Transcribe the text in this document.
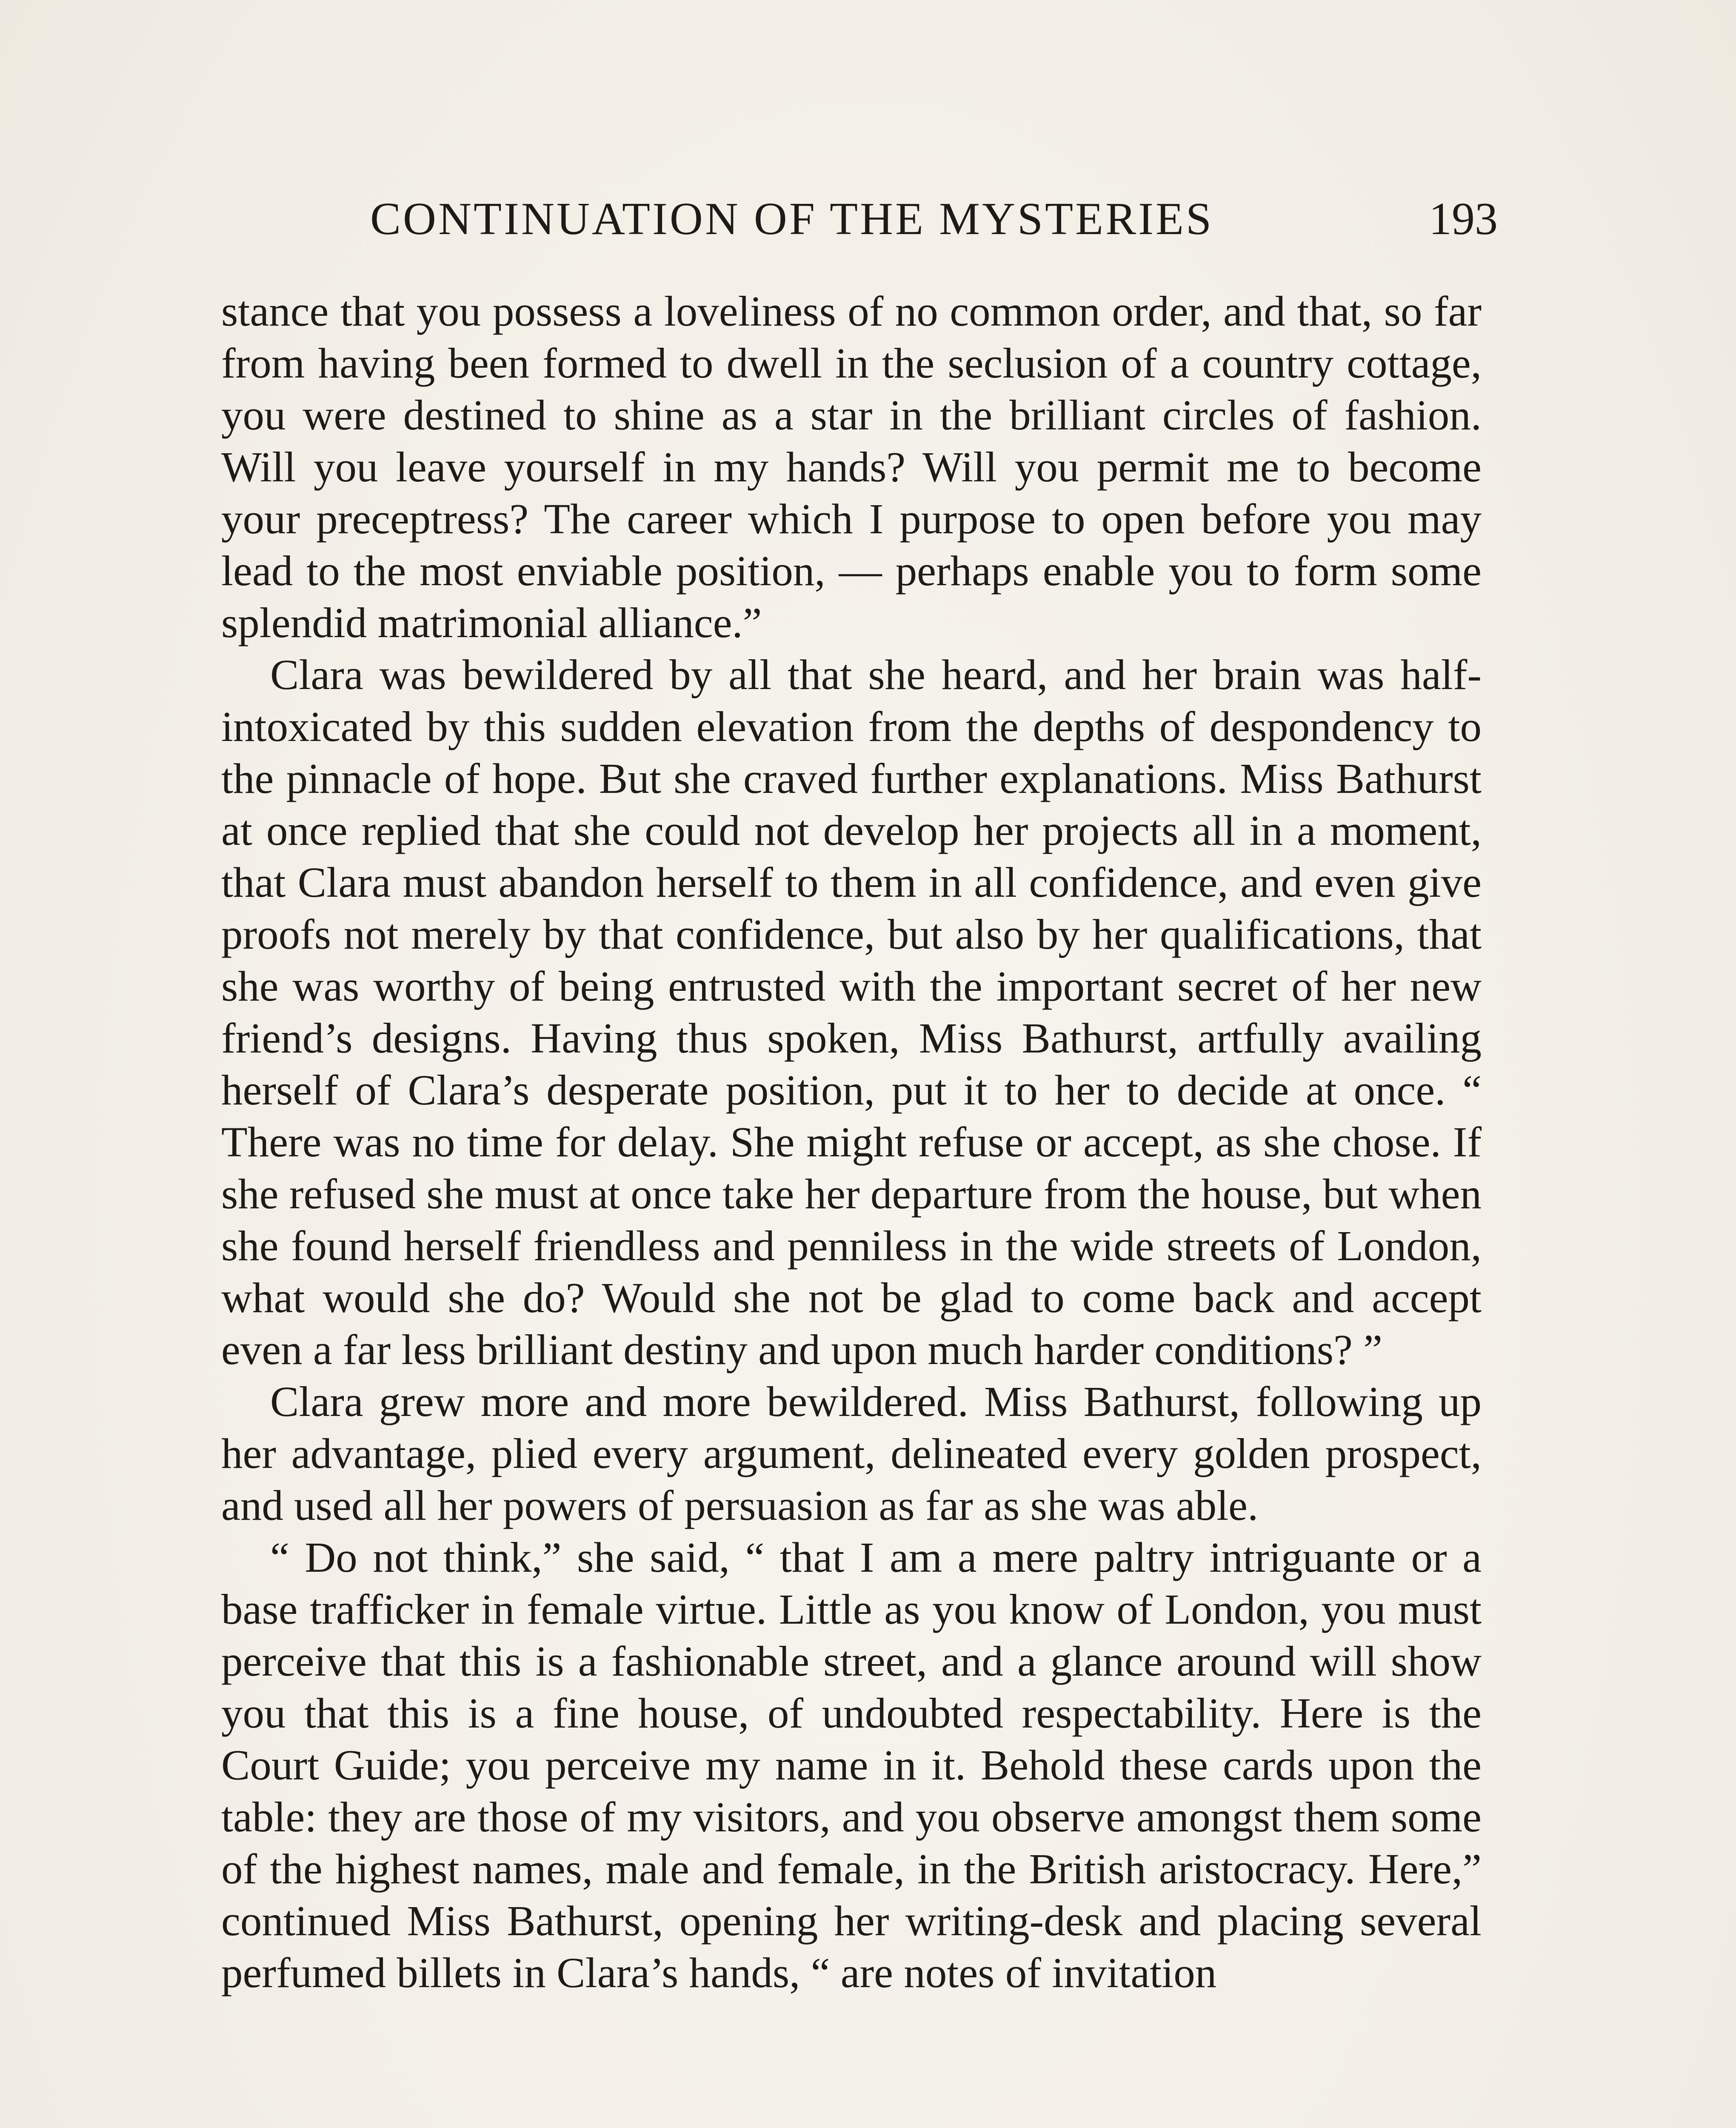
CONTINUATION OF THE MYSTERIES	193

stance that you possess a loveliness of no common order, and that, so far from having been formed to dwell in the seclusion of a country cottage, you were destined to shine as a star in the brilliant circles of fashion. Will you leave yourself in my hands? Will you permit me to become your preceptress? The career which I purpose to open before you may lead to the most enviable position, — perhaps enable you to form some splendid matrimonial alliance.”

Clara was bewildered by all that she heard, and her brain was half-intoxicated by this sudden elevation from the depths of despondency to the pinnacle of hope. But she craved further explanations. Miss Bathurst at once replied that she could not develop her projects all in a moment, that Clara must abandon herself to them in all confidence, and even give proofs not merely by that confidence, but also by her qualifications, that she was worthy of being entrusted with the important secret of her new friend’s designs. Having thus spoken, Miss Bathurst, artfully availing herself of Clara’s desperate position, put it to her to decide at once. “ There was no time for delay. She might refuse or accept, as she chose. If she refused she must at once take her departure from the house, but when she found herself friendless and penniless in the wide streets of London, what would she do? Would she not be glad to come back and accept even a far less brilliant destiny and upon much harder conditions? ”

Clara grew more and more bewildered. Miss Bathurst, following up her advantage, plied every argument, delineated every golden prospect, and used all her powers of persuasion as far as she was able.

“ Do not think,” she said, “ that I am a mere paltry intriguante or a base trafficker in female virtue. Little as you know of London, you must perceive that this is a fashionable street, and a glance around will show you that this is a fine house, of undoubted respectability. Here is the Court Guide; you perceive my name in it. Behold these cards upon the table: they are those of my visitors, and you observe amongst them some of the highest names, male and female, in the British aristocracy. Here,” continued Miss Bathurst, opening her writing-desk and placing several perfumed billets in Clara’s hands, “ are notes of invitation
